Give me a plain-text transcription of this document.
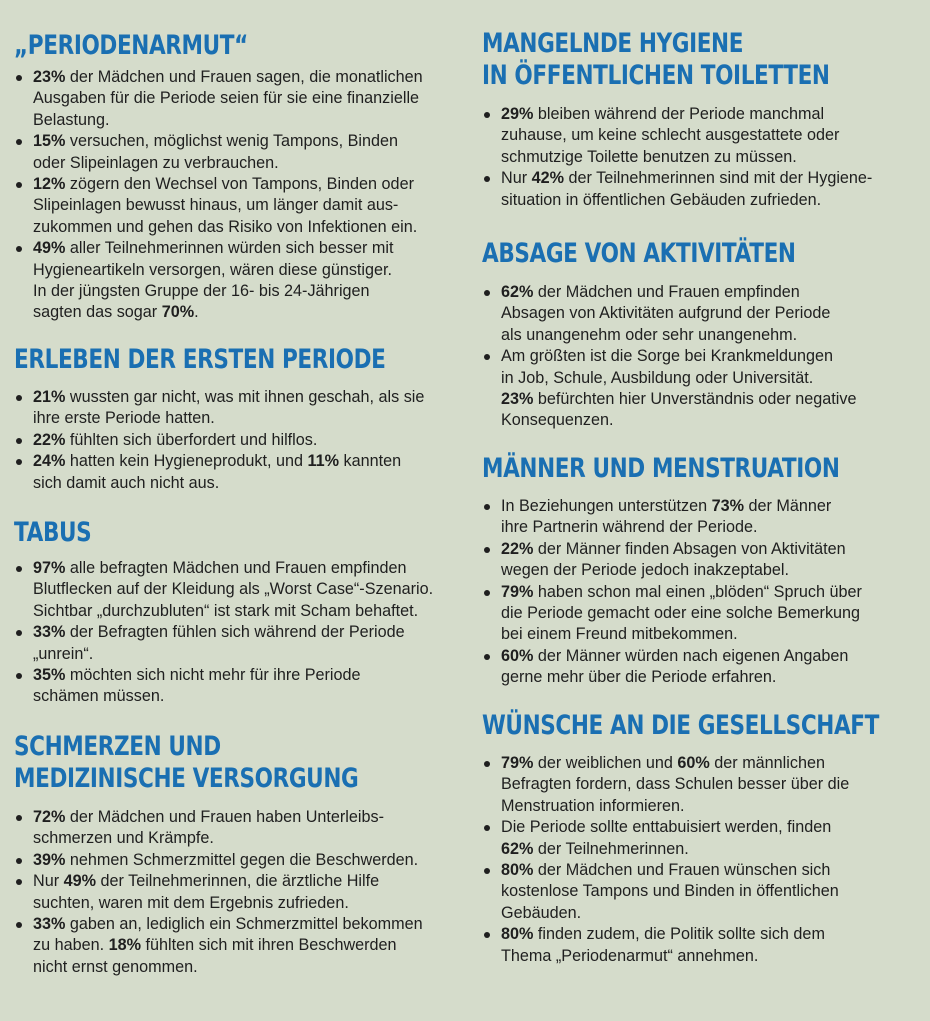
„PERIODENARMUT“
23% der Mädchen und Frauen sagen, die monatlichen
Ausgaben für die Periode seien für sie eine finanzielle
Belastung.
15% versuchen, möglichst wenig Tampons, Binden
oder Slipeinlagen zu verbrauchen.
12% zögern den Wechsel von Tampons, Binden oder
Slipeinlagen bewusst hinaus, um länger damit aus-
zukommen und gehen das Risiko von Infektionen ein.
49% aller Teilnehmerinnen würden sich besser mit
Hygieneartikeln versorgen, wären diese günstiger.
In der jüngsten Gruppe der 16- bis 24-Jährigen
sagten das sogar 70%.
ERLEBEN DER ERSTEN PERIODE
21% wussten gar nicht, was mit ihnen geschah, als sie
ihre erste Periode hatten.
22% fühlten sich überfordert und hilflos.
24% hatten kein Hygieneprodukt, und 11% kannten
sich damit auch nicht aus.
TABUS
97% alle befragten Mädchen und Frauen empfinden
Blutflecken auf der Kleidung als „Worst Case“-Szenario.
Sichtbar „durchzubluten“ ist stark mit Scham behaftet.
33% der Befragten fühlen sich während der Periode
„unrein“.
35% möchten sich nicht mehr für ihre Periode
schämen müssen.
SCHMERZEN UND
MEDIZINISCHE VERSORGUNG
72% der Mädchen und Frauen haben Unterleibs-
schmerzen und Krämpfe.
39% nehmen Schmerzmittel gegen die Beschwerden.
Nur 49% der Teilnehmerinnen, die ärztliche Hilfe
suchten, waren mit dem Ergebnis zufrieden.
33% gaben an, lediglich ein Schmerzmittel bekommen
zu haben. 18% fühlten sich mit ihren Beschwerden
nicht ernst genommen.
MANGELNDE HYGIENE
IN ÖFFENTLICHEN TOILETTEN
29% bleiben während der Periode manchmal
zuhause, um keine schlecht ausgestattete oder
schmutzige Toilette benutzen zu müssen.
Nur 42% der Teilnehmerinnen sind mit der Hygiene-
situation in öffentlichen Gebäuden zufrieden.
ABSAGE VON AKTIVITÄTEN
62% der Mädchen und Frauen empfinden
Absagen von Aktivitäten aufgrund der Periode
als unangenehm oder sehr unangenehm.
Am größten ist die Sorge bei Krankmeldungen
in Job, Schule, Ausbildung oder Universität.
23% befürchten hier Unverständnis oder negative
Konsequenzen.
MÄNNER UND MENSTRUATION
In Beziehungen unterstützen 73% der Männer
ihre Partnerin während der Periode.
22% der Männer finden Absagen von Aktivitäten
wegen der Periode jedoch inakzeptabel.
79% haben schon mal einen „blöden“ Spruch über
die Periode gemacht oder eine solche Bemerkung
bei einem Freund mitbekommen.
60% der Männer würden nach eigenen Angaben
gerne mehr über die Periode erfahren.
WÜNSCHE AN DIE GESELLSCHAFT
79% der weiblichen und 60% der männlichen
Befragten fordern, dass Schulen besser über die
Menstruation informieren.
Die Periode sollte enttabuisiert werden, finden
62% der Teilnehmerinnen.
80% der Mädchen und Frauen wünschen sich
kostenlose Tampons und Binden in öffentlichen
Gebäuden.
80% finden zudem, die Politik sollte sich dem
Thema „Periodenarmut“ annehmen.
